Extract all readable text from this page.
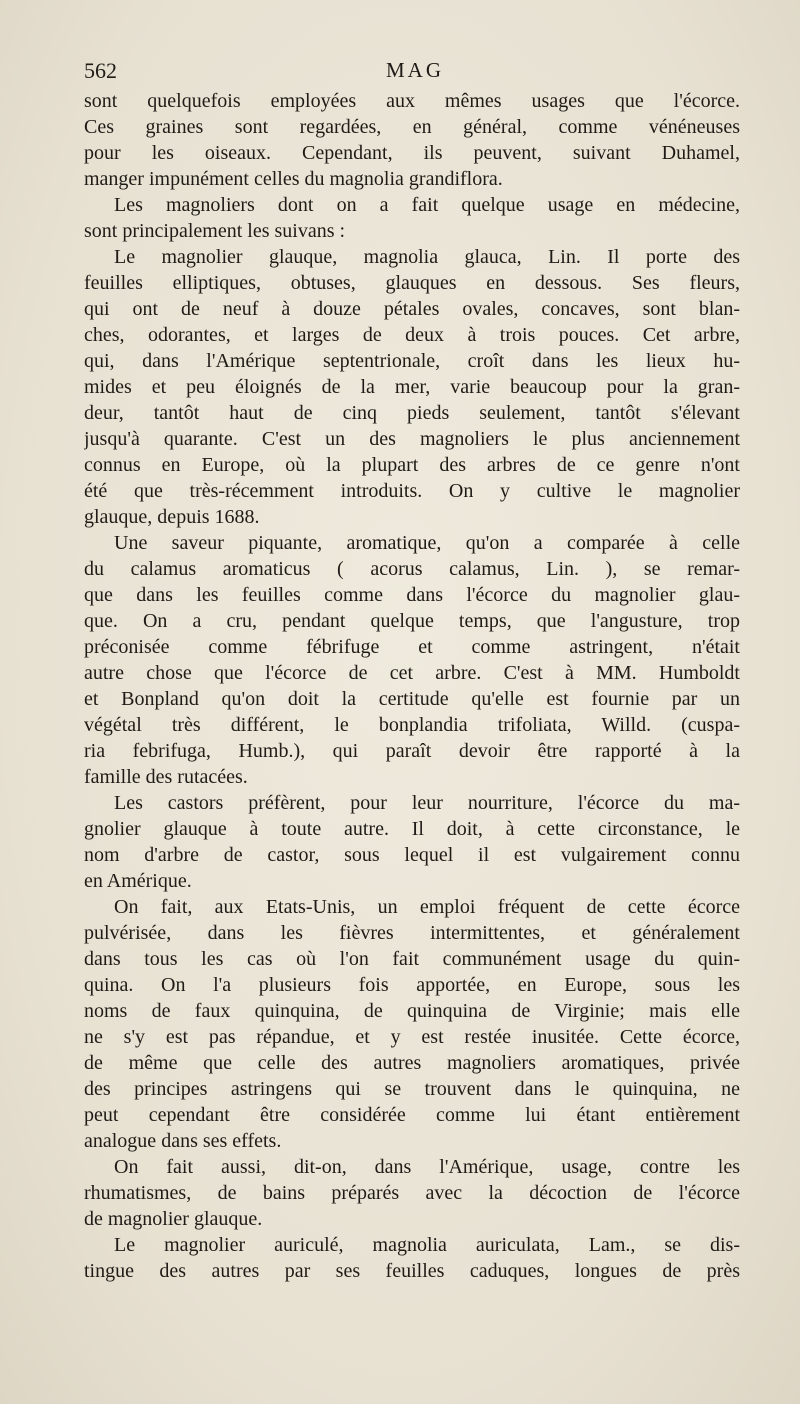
562	MAG
sont quelquefois employées aux mêmes usages que l'écorce.
Ces graines sont regardées, en général, comme vénéneuses
pour les oiseaux. Cependant, ils peuvent, suivant Duhamel,
manger impunément celles du magnolia grandiflora.
Les magnoliers dont on a fait quelque usage en médecine,
sont principalement les suivans :
Le magnolier glauque, magnolia glauca, Lin. Il porte des
feuilles elliptiques, obtuses, glauques en dessous. Ses fleurs,
qui ont de neuf à douze pétales ovales, concaves, sont blan-
ches, odorantes, et larges de deux à trois pouces. Cet arbre,
qui, dans l'Amérique septentrionale, croît dans les lieux hu-
mides et peu éloignés de la mer, varie beaucoup pour la gran-
deur, tantôt haut de cinq pieds seulement, tantôt s'élevant
jusqu'à quarante. C'est un des magnoliers le plus anciennement
connus en Europe, où la plupart des arbres de ce genre n'ont
été que très-récemment introduits. On y cultive le magnolier
glauque, depuis 1688.
Une saveur piquante, aromatique, qu'on a comparée à celle
du calamus aromaticus ( acorus calamus, Lin. ), se remar-
que dans les feuilles comme dans l'écorce du magnolier glau-
que. On a cru, pendant quelque temps, que l'angusture, trop
préconisée comme fébrifuge et comme astringent, n'était
autre chose que l'écorce de cet arbre. C'est à MM. Humboldt
et Bonpland qu'on doit la certitude qu'elle est fournie par un
végétal très différent, le bonplandia trifoliata, Willd. (cuspa-
ria febrifuga, Humb.), qui paraît devoir être rapporté à la
famille des rutacées.
Les castors préfèrent, pour leur nourriture, l'écorce du ma-
gnolier glauque à toute autre. Il doit, à cette circonstance, le
nom d'arbre de castor, sous lequel il est vulgairement connu
en Amérique.
On fait, aux Etats-Unis, un emploi fréquent de cette écorce
pulvérisée, dans les fièvres intermittentes, et généralement
dans tous les cas où l'on fait communément usage du quin-
quina. On l'a plusieurs fois apportée, en Europe, sous les
noms de faux quinquina, de quinquina de Virginie; mais elle
ne s'y est pas répandue, et y est restée inusitée. Cette écorce,
de même que celle des autres magnoliers aromatiques, privée
des principes astringens qui se trouvent dans le quinquina, ne
peut cependant être considérée comme lui étant entièrement
analogue dans ses effets.
On fait aussi, dit-on, dans l'Amérique, usage, contre les
rhumatismes, de bains préparés avec la décoction de l'écorce
de magnolier glauque.
Le magnolier auriculé, magnolia auriculata, Lam., se dis-
tingue des autres par ses feuilles caduques, longues de près
